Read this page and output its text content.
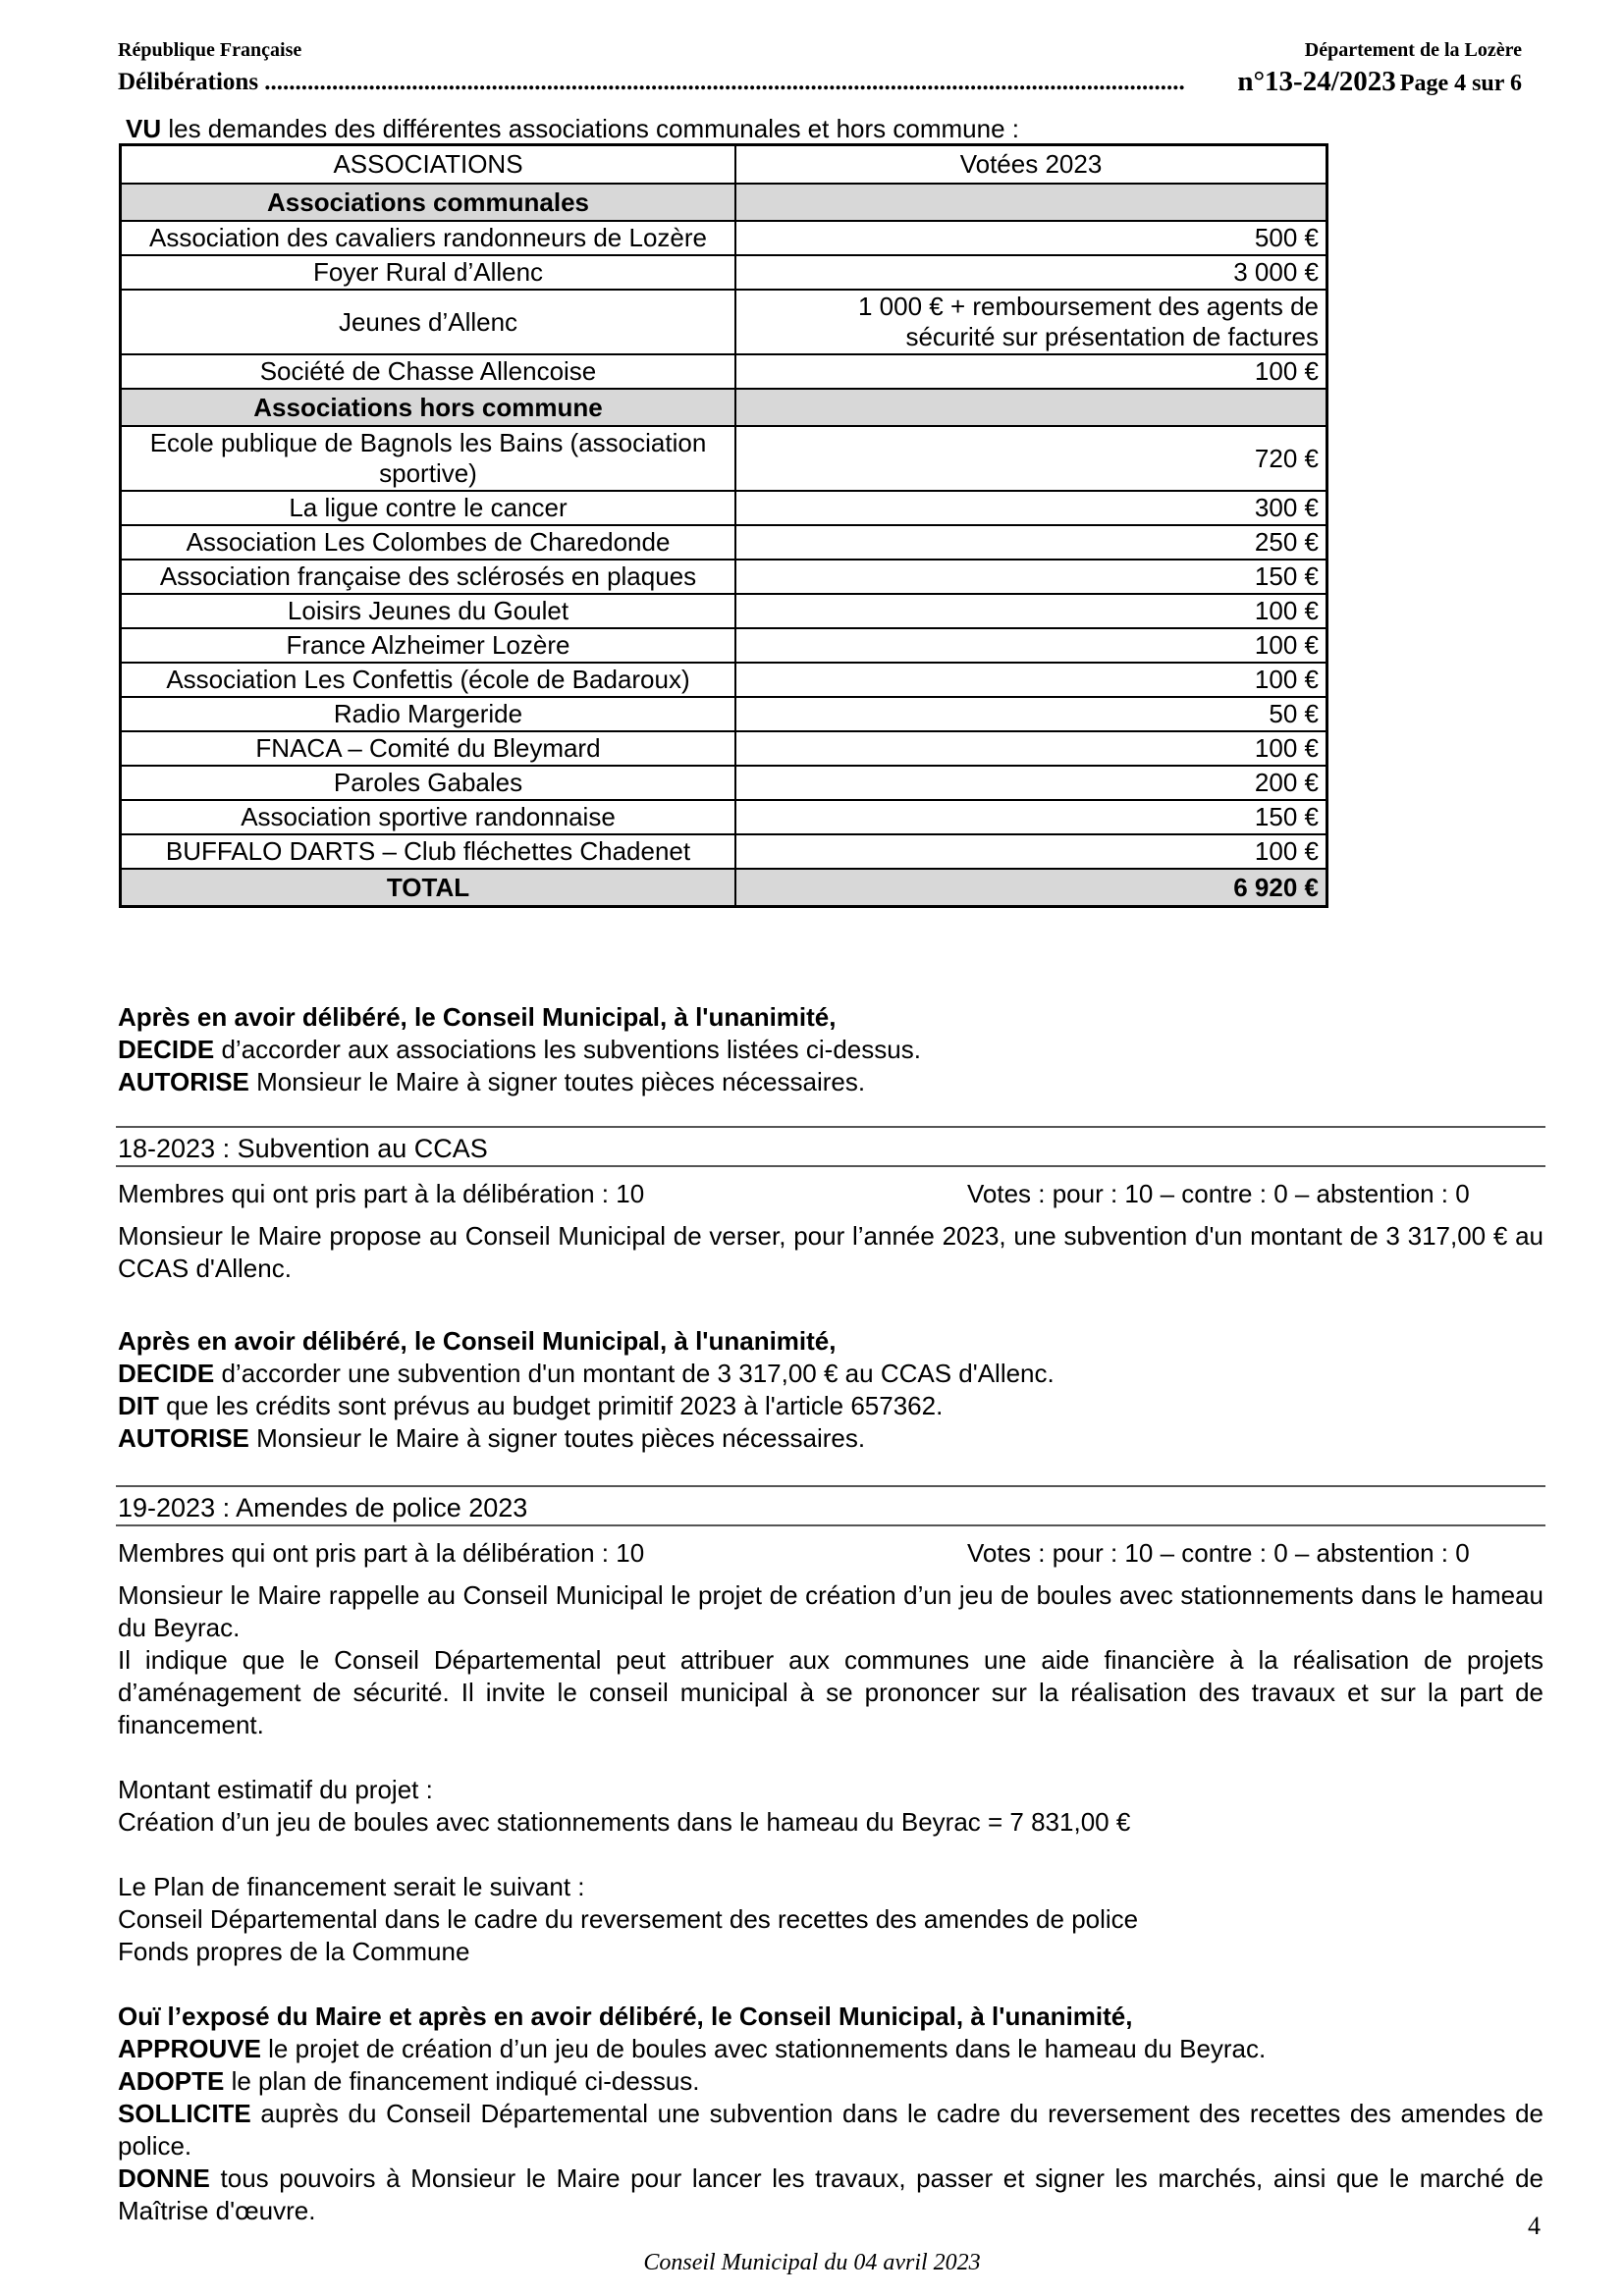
République Française	Département de la Lozère
Délibérations ......................................................................................................................................................	n°13-24/2023 Page 4 sur 6
VU les demandes des différentes associations communales et hors commune :
ASSOCIATIONS	Votées 2023
Associations communales	
Association des cavaliers randonneurs de Lozère	500 €
Foyer Rural d’Allenc	3 000 €
Jeunes d’Allenc	1 000 € + remboursement des agents de sécurité sur présentation de factures
Société de Chasse Allencoise	100 €
Associations hors commune	
Ecole publique de Bagnols les Bains (association sportive)	720 €
La ligue contre le cancer	300 €
Association Les Colombes de Charedonde	250 €
Association française des sclérosés en plaques	150 €
Loisirs Jeunes du Goulet	100 €
France Alzheimer Lozère	100 €
Association Les Confettis (école de Badaroux)	100 €
Radio Margeride	50 €
FNACA – Comité du Bleymard	100 €
Paroles Gabales	200 €
Association sportive randonnaise	150 €
BUFFALO DARTS – Club fléchettes Chadenet	100 €
TOTAL	6 920 €
Après en avoir délibéré, le Conseil Municipal, à l'unanimité,
DECIDE d’accorder aux associations les subventions listées ci-dessus.
AUTORISE Monsieur le Maire à signer toutes pièces nécessaires.
18-2023 : Subvention au CCAS
Membres qui ont pris part à la délibération : 10	Votes : pour : 10 – contre : 0 – abstention : 0
Monsieur le Maire propose au Conseil Municipal de verser, pour l’année 2023, une subvention d'un montant de 3 317,00 € au CCAS d'Allenc.
Après en avoir délibéré, le Conseil Municipal, à l'unanimité,
DECIDE d’accorder une subvention d'un montant de 3 317,00 € au CCAS d'Allenc.
DIT que les crédits sont prévus au budget primitif 2023 à l'article 657362.
AUTORISE Monsieur le Maire à signer toutes pièces nécessaires.
19-2023 : Amendes de police 2023
Membres qui ont pris part à la délibération : 10	Votes : pour : 10 – contre : 0 – abstention : 0
Monsieur le Maire rappelle au Conseil Municipal le projet de création d’un jeu de boules avec stationnements dans le hameau du Beyrac.
Il indique que le Conseil Départemental peut attribuer aux communes une aide financière à la réalisation de projets d’aménagement de sécurité. Il invite le conseil municipal à se prononcer sur la réalisation des travaux et sur la part de financement.
Montant estimatif du projet :
Création d’un jeu de boules avec stationnements dans le hameau du Beyrac = 7 831,00 €
Le Plan de financement serait le suivant :
Conseil Départemental dans le cadre du reversement des recettes des amendes de police
Fonds propres de la Commune
Ouï l’exposé du Maire et après en avoir délibéré, le Conseil Municipal, à l'unanimité,
APPROUVE le projet de création d’un jeu de boules avec stationnements dans le hameau du Beyrac.
ADOPTE le plan de financement indiqué ci-dessus.
SOLLICITE auprès du Conseil Départemental une subvention dans le cadre du reversement des recettes des amendes de police.
DONNE tous pouvoirs à Monsieur le Maire pour lancer les travaux, passer et signer les marchés, ainsi que le marché de Maîtrise d'œuvre.
4
Conseil Municipal du 04 avril 2023
